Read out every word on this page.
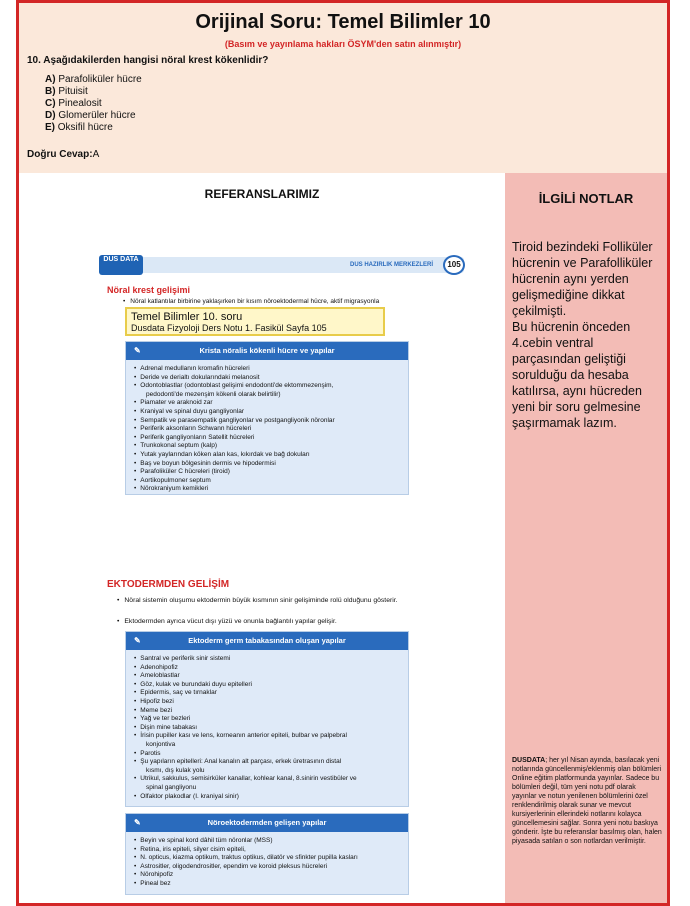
Orijinal Soru: Temel Bilimler 10
(Basım ve yayınlama hakları ÖSYM'den satın alınmıştır)
10. Aşağıdakilerden hangisi nöral krest kökenlidir?
A) Parafoliküler hücre
B) Pituisit
C) Pinealosit
D) Glomerüler hücre
E) Oksifil hücre
Doğru Cevap:A
REFERANSLARIMIZ
DUS DATA
DUS HAZIRLIK MERKEZLERİ	105
Nöral krest gelişimi
• Nöral katlantılar birbirine yaklaşırken bir kısım nöroektodermal hücre, aktif migrasyonla
Temel Bilimler 10. soru
Dusdata Fizyoloji Ders Notu 1. Fasikül Sayfa 105
✎	Krista nöralis kökenli hücre ve yapılar
• Adrenal medullanın kromafin hücreleri
• Deride ve derialtı dokularındaki melanosit
• Odontoblastlar (odontoblast gelişimi endodonti'de ektommezenşim,
pedodonti'de mezenşim kökenli olarak belirtilir)
• Piamater ve araknoid zar
• Kraniyal ve spinal duyu gangliyonlar
• Sempatik ve parasempatik gangliyonlar ve postgangliyonik nöronlar
• Periferik aksonların Schwann hücreleri
• Periferik gangliyonların Satellit hücreleri
• Trunkokonal septum (kalp)
• Yutak yaylarından köken alan kas, kıkırdak ve bağ dokuları
• Baş ve boyun bölgesinin dermis ve hipodermisi
• Parafoliküler C hücreleri (tiroid)
• Aortikopulmoner septum
• Nörokraniyum kemikleri
EKTODERMDEN GELİŞİM
• Nöral sistemin oluşumu ektodermin büyük kısmının sinir gelişiminde rolü olduğunu gösterir.
• Ektodermden ayrıca vücut dışı yüzü ve onunla bağlantılı yapılar gelişir.
✎	Ektoderm germ tabakasından oluşan yapılar
• Santral ve periferik sinir sistemi
• Adenohipofiz
• Ameloblastlar
• Göz, kulak ve burundaki duyu epitelleri
• Epidermis, saç ve tırnaklar
• Hipofiz bezi
• Meme bezi
• Yağ ve ter bezleri
• Dişin mine tabakası
• İrisin pupiller kası ve lens, korneanın anterior epiteli, bulbar ve palpebral
konjontiva
• Parotis
• Şu yapıların epitelleri: Anal kanalın alt parçası, erkek üretrasının distal
kısmı, dış kulak yolu
• Utrikul, sakkulus, semisirküler kanallar, kohlear kanal, 8.sinirin vestibüler ve
spinal gangliyonu
• Olfaktor plakodlar (I. kraniyal sinir)
✎	Nöroektodermden gelişen yapılar
• Beyin ve spinal kord dâhil tüm nöronlar (MSS)
• Retina, iris epiteli, silyer cisim epiteli,
• N. opticus, kiazma optikum, traktus optikus, dilatör ve sfinkter pupilla kasları
• Astrositler, oligodendrositler, ependim ve koroid pleksus hücreleri
• Nörohipofiz
• Pineal bez
İLGİLİ NOTLAR
Tiroid bezindeki Folliküler hücrenin ve Parafolliküler hücrenin aynı yerden gelişmediğine dikkat çekilmişti.
Bu hücrenin önceden 4.cebin ventral parçasından geliştiği sorulduğu da hesaba katılırsa, aynı hücreden yeni bir soru gelmesine şaşırmamak lazım.
DUSDATA; her yıl Nisan ayında, basılacak yeni notlarında güncellenmiş/eklenmiş olan bölümleri Online eğitim platformunda yayınlar. Sadece bu bölümleri değil, tüm yeni notu pdf olarak yayınlar ve notun yenilenen bölümlerini özel renklendirilmiş olarak sunar ve mevcut kursiyerlerinin ellerindeki notlarını kolayca güncellemesini sağlar. Sonra yeni notu baskıya gönderir. İşte bu referanslar basılmış olan, halen piyasada satılan o son notlardan verilmiştir.
